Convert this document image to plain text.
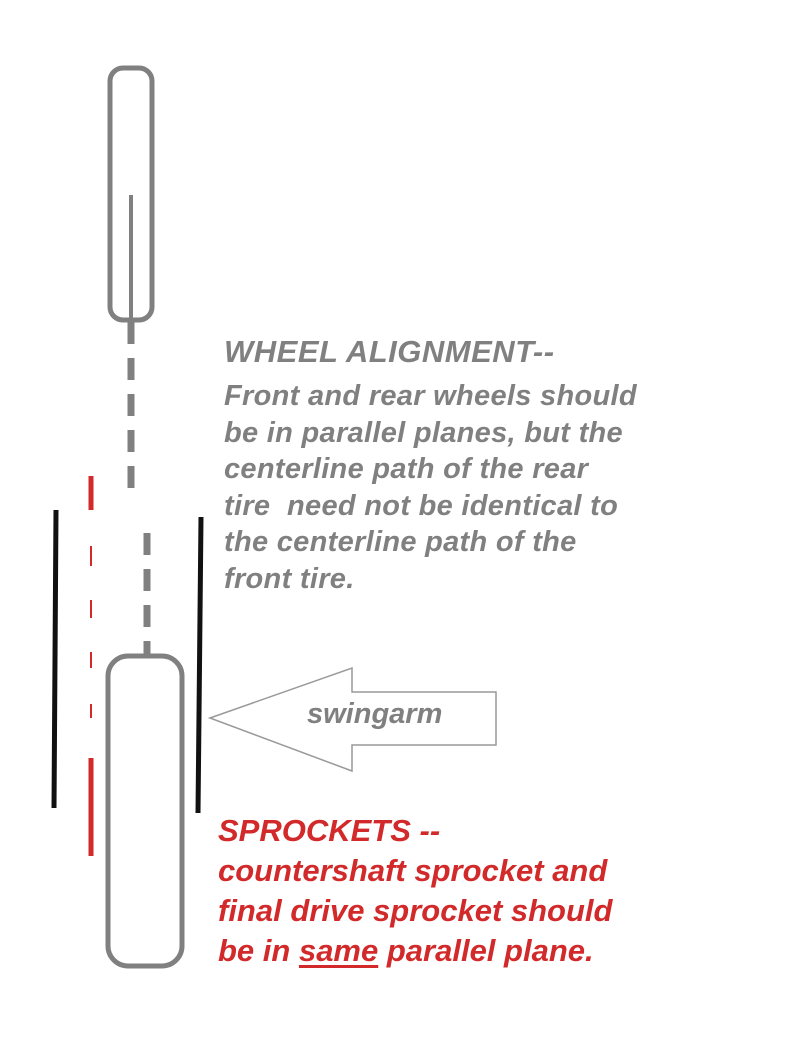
WHEEL ALIGNMENT--
Front and rear wheels should
be in parallel planes, but the
centerline path of the rear
tire  need not be identical to
the centerline path of the
front tire.
swingarm
SPROCKETS --
countershaft sprocket and
final drive sprocket should
be in same parallel plane.
